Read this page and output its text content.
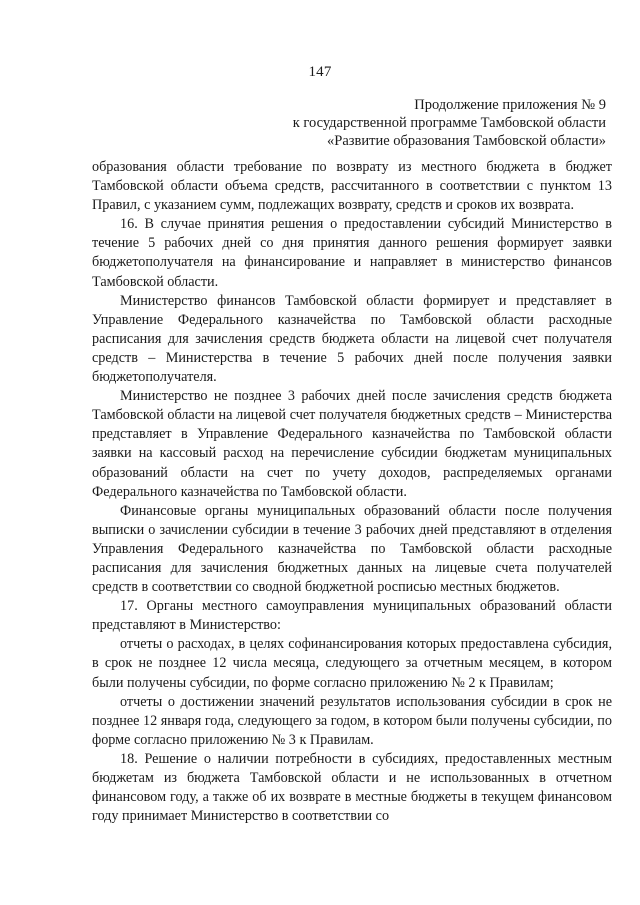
147
Продолжение приложения № 9
к государственной программе Тамбовской области
«Развитие образования Тамбовской области»

образования области требование по возврату из местного бюджета в бюджет Тамбовской области объема средств, рассчитанного в соответствии с пунктом 13 Правил, с указанием сумм, подлежащих возврату, средств и сроков их возврата.

16. В случае принятия решения о предоставлении субсидий Министерство в течение 5 рабочих дней со дня принятия данного решения формирует заявки бюджетополучателя на финансирование и направляет в министерство финансов Тамбовской области.

Министерство финансов Тамбовской области формирует и представляет в Управление Федерального казначейства по Тамбовской области расходные расписания для зачисления средств бюджета области на лицевой счет получателя средств – Министерства в течение 5 рабочих дней после получения заявки бюджетополучателя.

Министерство не позднее 3 рабочих дней после зачисления средств бюджета Тамбовской области на лицевой счет получателя бюджетных средств – Министерства представляет в Управление Федерального казначейства по Тамбовской области заявки на кассовый расход на перечисление субсидии бюджетам муниципальных образований области на счет по учету доходов, распределяемых органами Федерального казначейства по Тамбовской области.

Финансовые органы муниципальных образований области после получения выписки о зачислении субсидии в течение 3 рабочих дней представляют в отделения Управления Федерального казначейства по Тамбовской области расходные расписания для зачисления бюджетных данных на лицевые счета получателей средств в соответствии со сводной бюджетной росписью местных бюджетов.

17. Органы местного самоуправления муниципальных образований области представляют в Министерство:

отчеты о расходах, в целях софинансирования которых предоставлена субсидия, в срок не позднее 12 числа месяца, следующего за отчетным месяцем, в котором были получены субсидии, по форме согласно приложению № 2 к Правилам;

отчеты о достижении значений результатов использования субсидии в срок не позднее 12 января года, следующего за годом, в котором были получены субсидии, по форме согласно приложению № 3 к Правилам.

18. Решение о наличии потребности в субсидиях, предоставленных местным бюджетам из бюджета Тамбовской области и не использованных в отчетном финансовом году, а также об их возврате в местные бюджеты в текущем финансовом году принимает Министерство в соответствии со
